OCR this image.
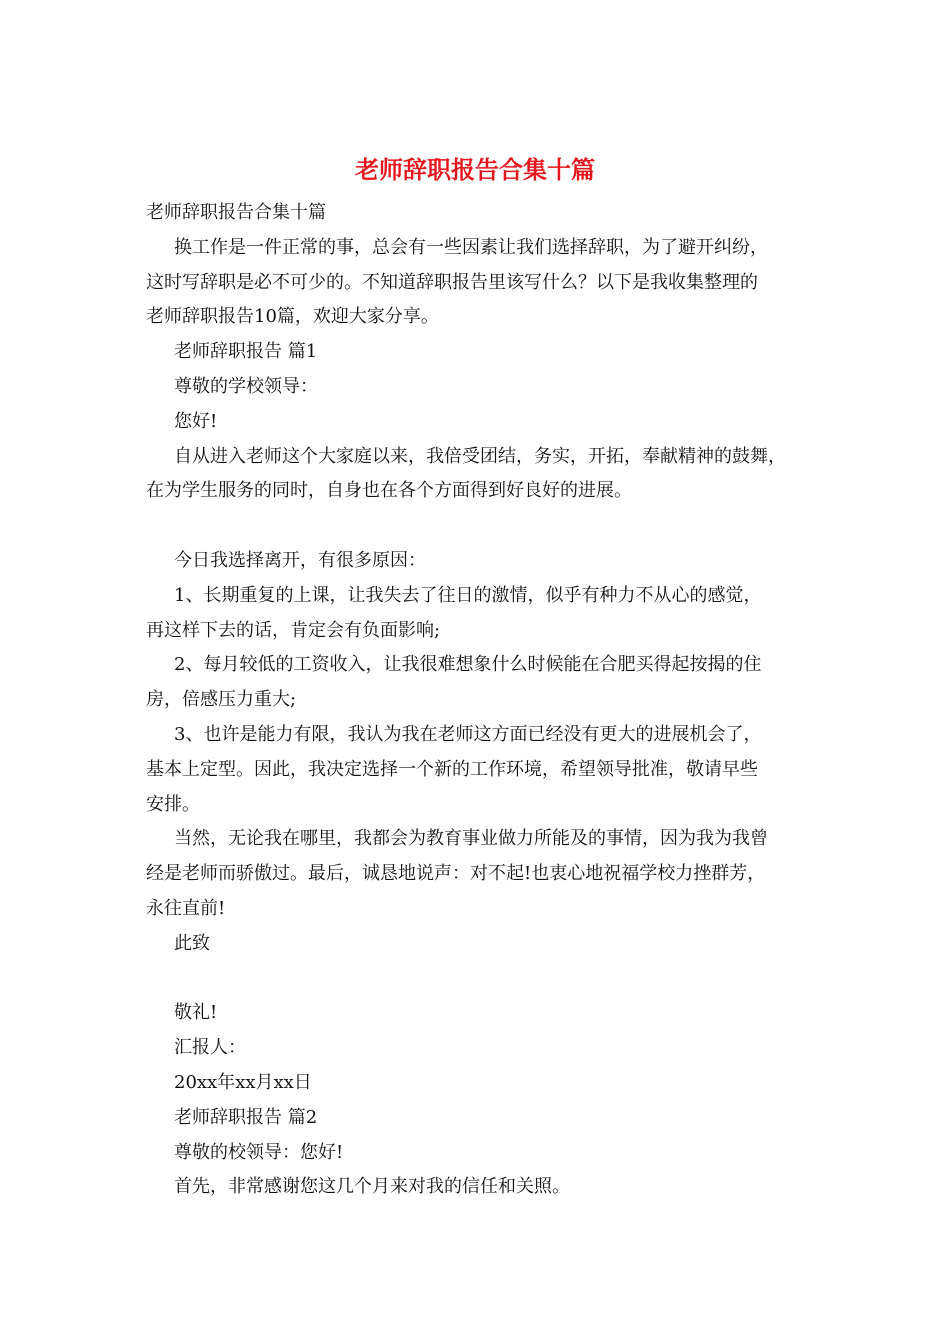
老师辞职报告合集十篇
老师辞职报告合集十篇
换工作是一件正常的事，总会有一些因素让我们选择辞职，为了避开纠纷，
这时写辞职是必不可少的。不知道辞职报告里该写什么？以下是我收集整理的
老师辞职报告10篇，欢迎大家分享。
老师辞职报告 篇1
尊敬的学校领导：
您好!
自从进入老师这个大家庭以来，我倍受团结，务实，开拓，奉献精神的鼓舞，
在为学生服务的同时，自身也在各个方面得到好良好的进展。
今日我选择离开，有很多原因：
1、长期重复的上课，让我失去了往日的激情，似乎有种力不从心的感觉，
再这样下去的话，肯定会有负面影响;
2、每月较低的工资收入，让我很难想象什么时候能在合肥买得起按揭的住
房，倍感压力重大;
3、也许是能力有限，我认为我在老师这方面已经没有更大的进展机会了，
基本上定型。因此，我决定选择一个新的工作环境，希望领导批准，敬请早些
安排。
当然，无论我在哪里，我都会为教育事业做力所能及的事情，因为我为我曾
经是老师而骄傲过。最后，诚恳地说声：对不起!也衷心地祝福学校力挫群芳，
永往直前!
此致
敬礼!
汇报人：
20xx年xx月xx日
老师辞职报告 篇2
尊敬的校领导：您好!
首先，非常感谢您这几个月来对我的信任和关照。
